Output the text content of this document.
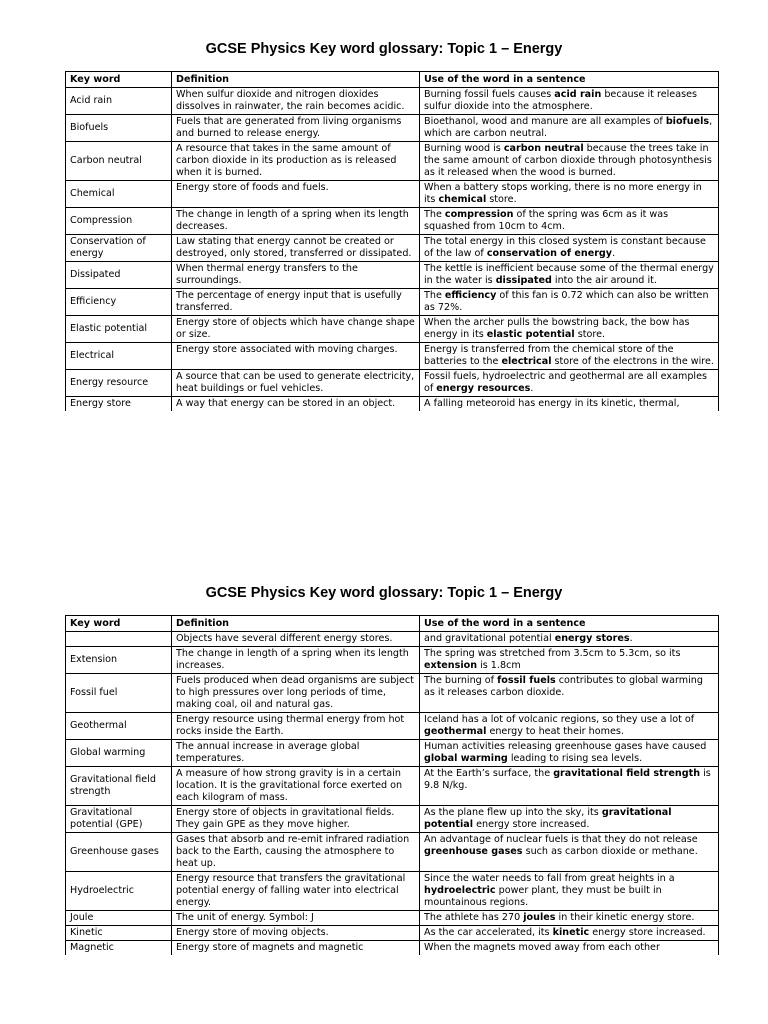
GCSE Physics Key word glossary: Topic 1 – Energy
Key word	Definition	Use of the word in a sentence
Acid rain	When sulfur dioxide and nitrogen dioxides dissolves in rainwater, the rain becomes acidic.	Burning fossil fuels causes acid rain because it releases sulfur dioxide into the atmosphere.
Biofuels	Fuels that are generated from living organisms and burned to release energy.	Bioethanol, wood and manure are all examples of biofuels, which are carbon neutral.
Carbon neutral	A resource that takes in the same amount of carbon dioxide in its production as is released when it is burned.	Burning wood is carbon neutral because the trees take in the same amount of carbon dioxide through photosynthesis as it released when the wood is burned.
Chemical	Energy store of foods and fuels.	When a battery stops working, there is no more energy in its chemical store.
Compression	The change in length of a spring when its length decreases.	The compression of the spring was 6cm as it was squashed from 10cm to 4cm.
Conservation of energy	Law stating that energy cannot be created or destroyed, only stored, transferred or dissipated.	The total energy in this closed system is constant because of the law of conservation of energy.
Dissipated	When thermal energy transfers to the surroundings.	The kettle is inefficient because some of the thermal energy in the water is dissipated into the air around it.
Efficiency	The percentage of energy input that is usefully transferred.	The efficiency of this fan is 0.72 which can also be written as 72%.
Elastic potential	Energy store of objects which have change shape or size.	When the archer pulls the bowstring back, the bow has energy in its elastic potential store.
Electrical	Energy store associated with moving charges.	Energy is transferred from the chemical store of the batteries to the electrical store of the electrons in the wire.
Energy resource	A source that can be used to generate electricity, heat buildings or fuel vehicles.	Fossil fuels, hydroelectric and geothermal are all examples of energy resources.
Energy store	A way that energy can be stored in an object.	A falling meteoroid has energy in its kinetic, thermal,
GCSE Physics Key word glossary: Topic 1 – Energy
Key word	Definition	Use of the word in a sentence
	Objects have several different energy stores.	and gravitational potential energy stores.
Extension	The change in length of a spring when its length increases.	The spring was stretched from 3.5cm to 5.3cm, so its extension is 1.8cm
Fossil fuel	Fuels produced when dead organisms are subject to high pressures over long periods of time, making coal, oil and natural gas.	The burning of fossil fuels contributes to global warming as it releases carbon dioxide.
Geothermal	Energy resource using thermal energy from hot rocks inside the Earth.	Iceland has a lot of volcanic regions, so they use a lot of geothermal energy to heat their homes.
Global warming	The annual increase in average global temperatures.	Human activities releasing greenhouse gases have caused global warming leading to rising sea levels.
Gravitational field strength	A measure of how strong gravity is in a certain location. It is the gravitational force exerted on each kilogram of mass.	At the Earth’s surface, the gravitational field strength is 9.8 N/kg.
Gravitational potential (GPE)	Energy store of objects in gravitational fields. They gain GPE as they move higher.	As the plane flew up into the sky, its gravitational potential energy store increased.
Greenhouse gases	Gases that absorb and re-emit infrared radiation back to the Earth, causing the atmosphere to heat up.	An advantage of nuclear fuels is that they do not release greenhouse gases such as carbon dioxide or methane.
Hydroelectric	Energy resource that transfers the gravitational potential energy of falling water into electrical energy.	Since the water needs to fall from great heights in a hydroelectric power plant, they must be built in mountainous regions.
Joule	The unit of energy. Symbol: J	The athlete has 270 joules in their kinetic energy store.
Kinetic	Energy store of moving objects.	As the car accelerated, its kinetic energy store increased.
Magnetic	Energy store of magnets and magnetic	When the magnets moved away from each other
